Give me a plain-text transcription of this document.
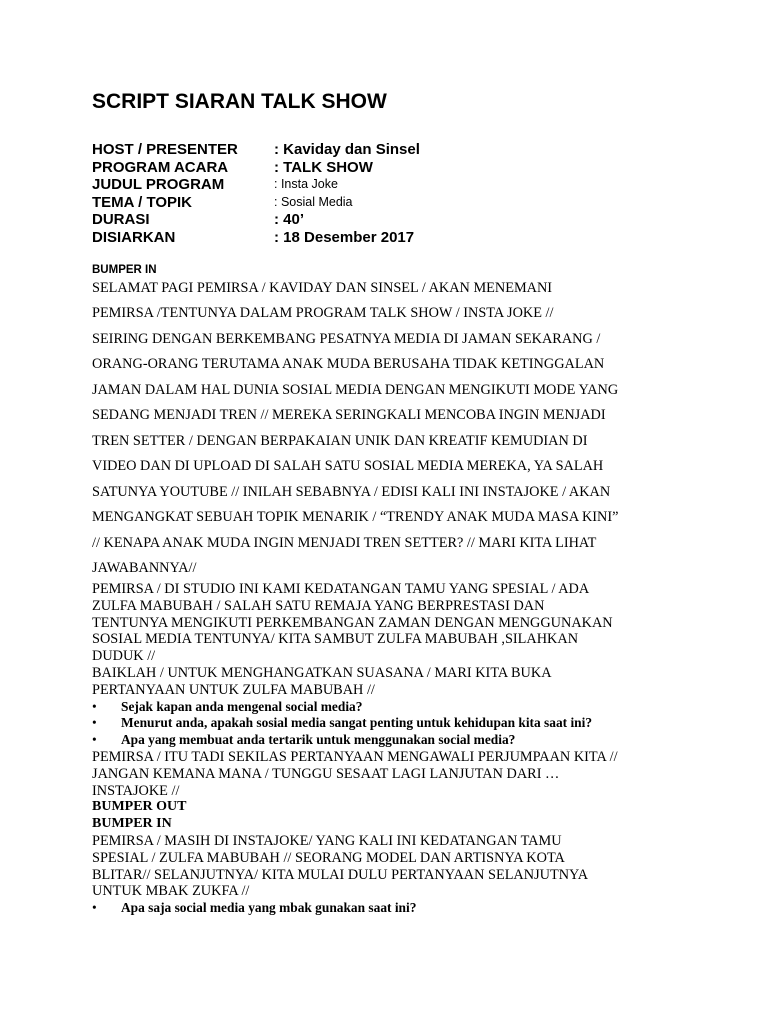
SCRIPT SIARAN TALK SHOW
HOST / PRESENTER : Kaviday dan Sinsel
PROGRAM ACARA	: TALK SHOW
JUDUL PROGRAM	: Insta Joke
TEMA / TOPIK	: Sosial Media
DURASI	: 40’
DISIARKAN	: 18 Desember 2017
BUMPER IN
SELAMAT PAGI PEMIRSA / KAVIDAY DAN SINSEL / AKAN MENEMANI
PEMIRSA /TENTUNYA DALAM PROGRAM TALK SHOW / INSTA JOKE //
SEIRING DENGAN BERKEMBANG PESATNYA MEDIA DI JAMAN SEKARANG /
ORANG-ORANG TERUTAMA ANAK MUDA BERUSAHA TIDAK KETINGGALAN
JAMAN DALAM HAL DUNIA SOSIAL MEDIA DENGAN MENGIKUTI MODE YANG
SEDANG MENJADI TREN // MEREKA SERINGKALI MENCOBA INGIN MENJADI
TREN SETTER / DENGAN BERPAKAIAN UNIK DAN KREATIF KEMUDIAN DI
VIDEO DAN DI UPLOAD DI SALAH SATU SOSIAL MEDIA MEREKA, YA SALAH
SATUNYA YOUTUBE // INILAH SEBABNYA / EDISI KALI INI INSTAJOKE / AKAN
MENGANGKAT SEBUAH TOPIK MENARIK / “TRENDY ANAK MUDA MASA KINI”
// KENAPA ANAK MUDA INGIN MENJADI TREN SETTER? // MARI KITA LIHAT
JAWABANNYA//
PEMIRSA / DI STUDIO INI KAMI KEDATANGAN TAMU YANG SPESIAL / ADA
ZULFA MABUBAH / SALAH SATU REMAJA YANG BERPRESTASI DAN
TENTUNYA MENGIKUTI PERKEMBANGAN ZAMAN DENGAN MENGGUNAKAN
SOSIAL MEDIA TENTUNYA/ KITA SAMBUT ZULFA MABUBAH ,SILAHKAN
DUDUK //
BAIKLAH / UNTUK MENGHANGATKAN SUASANA / MARI KITA BUKA
PERTANYAAN UNTUK ZULFA MABUBAH //
• Sejak kapan anda mengenal social media?
• Menurut anda, apakah sosial media sangat penting untuk kehidupan kita saat ini?
• Apa yang membuat anda tertarik untuk menggunakan social media?
PEMIRSA / ITU TADI SEKILAS PERTANYAAN MENGAWALI PERJUMPAAN KITA //
JANGAN KEMANA MANA / TUNGGU SESAAT LAGI LANJUTAN DARI …
INSTAJOKE //
BUMPER OUT
BUMPER IN
PEMIRSA / MASIH DI INSTAJOKE/ YANG KALI INI KEDATANGAN TAMU
SPESIAL / ZULFA MABUBAH // SEORANG MODEL DAN ARTISNYA KOTA
BLITAR// SELANJUTNYA/ KITA MULAI DULU PERTANYAAN SELANJUTNYA
UNTUK MBAK ZUKFA //
• Apa saja social media yang mbak gunakan saat ini?
